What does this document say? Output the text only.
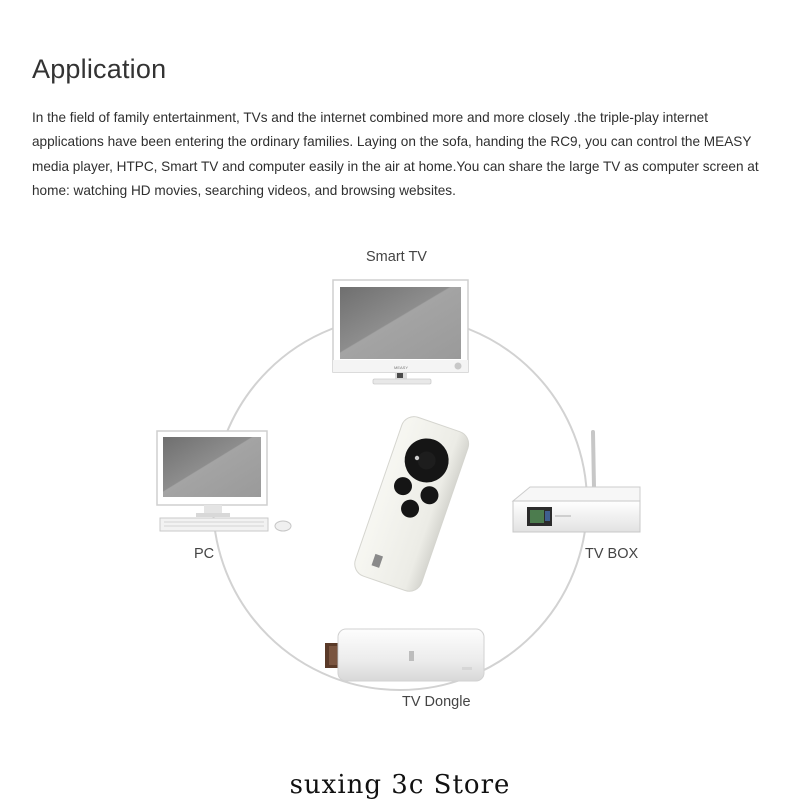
Application

In the field of family entertainment, TVs and the internet combined more and more closely .the triple-play internet applications have been entering the ordinary families. Laying on the sofa, handing the RC9, you can control the MEASY media player, HTPC, Smart TV and computer easily in the air at home.You can share the large TV as computer screen at home: watching HD movies, searching videos, and browsing websites.

MEASY
Smart TV
PC	TV BOX
TV Dongle
suxing 3c Store
